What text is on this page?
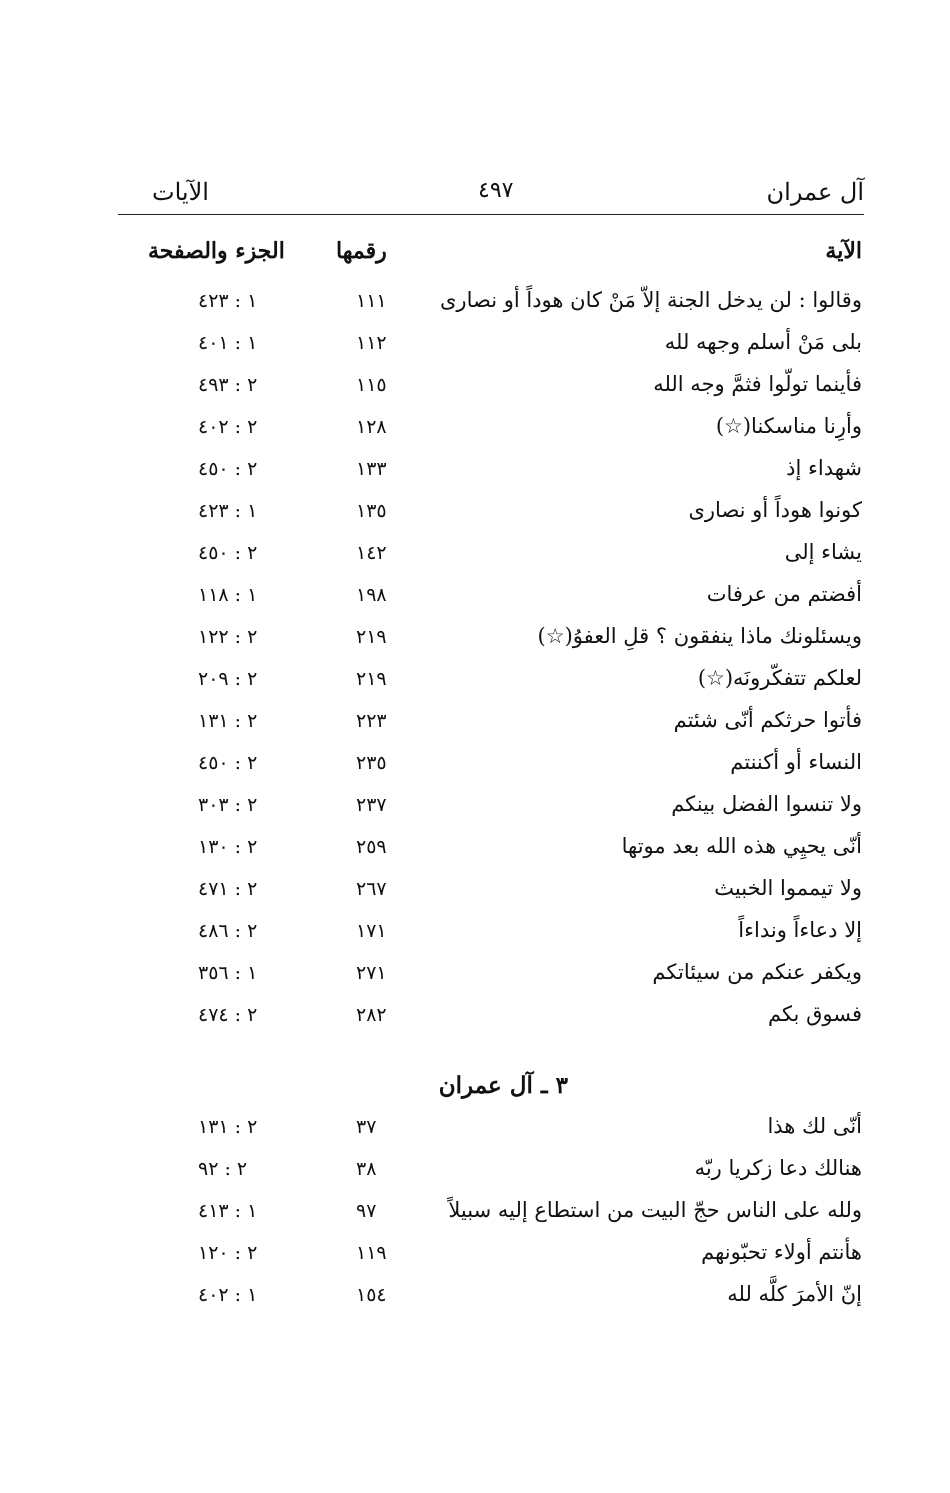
الآيات	٤٩٧	آل عمران
الآية
رقمها
الجزء والصفحة
وقالوا : لن يدخل الجنة إلاّ مَنْ كان هوداً أو نصارى
١١١
١ : ٤٢٣
بلى مَنْ أسلم وجهه لله
١١٢
١ : ٤٠١
فأينما تولّوا فثمَّ وجه الله
١١٥
٢ : ٤٩٣
وأرِنا مناسكنا(☆)
١٢٨
٢ : ٤٠٢
شهداء إذ
١٣٣
٢ : ٤٥٠
كونوا هوداً أو نصارى
١٣٥
١ : ٤٢٣
يشاء إلى
١٤٢
٢ : ٤٥٠
أفضتم من عرفات
١٩٨
١ : ١١٨
ويسئلونك ماذا ينفقون ؟ قلِ العفوُ(☆)
٢١٩
٢ : ١٢٢
لعلكم تتفكّرونَه(☆)
٢١٩
٢ : ٢٠٩
فأتوا حرثكم أنّى شئتم
٢٢٣
٢ : ١٣١
النساء أو أكننتم
٢٣٥
٢ : ٤٥٠
ولا تنسوا الفضل بينكم
٢٣٧
٢ : ٣٠٣
أنّى يحيِي هذه الله بعد موتها
٢٥٩
٢ : ١٣٠
ولا تيمموا الخبيث
٢٦٧
٢ : ٤٧١
إلا دعاءاً ونداءاً
١٧١
٢ : ٤٨٦
ويكفر عنكم من سيئاتكم
٢٧١
١ : ٣٥٦
فسوق بكم
٢٨٢
٢ : ٤٧٤
٣ ـ آل عمران
أنّى لك هذا
٣٧
٢ : ١٣١
هنالك دعا زكريا ربّه
٣٨
٢ : ٩٢
ولله على الناس حجّ البيت من استطاع إليه سبيلاً
٩٧
١ : ٤١٣
هأنتم أولاء تحبّونهم
١١٩
٢ : ١٢٠
إنّ الأمرَ كلَّه لله
١٥٤
١ : ٤٠٢
